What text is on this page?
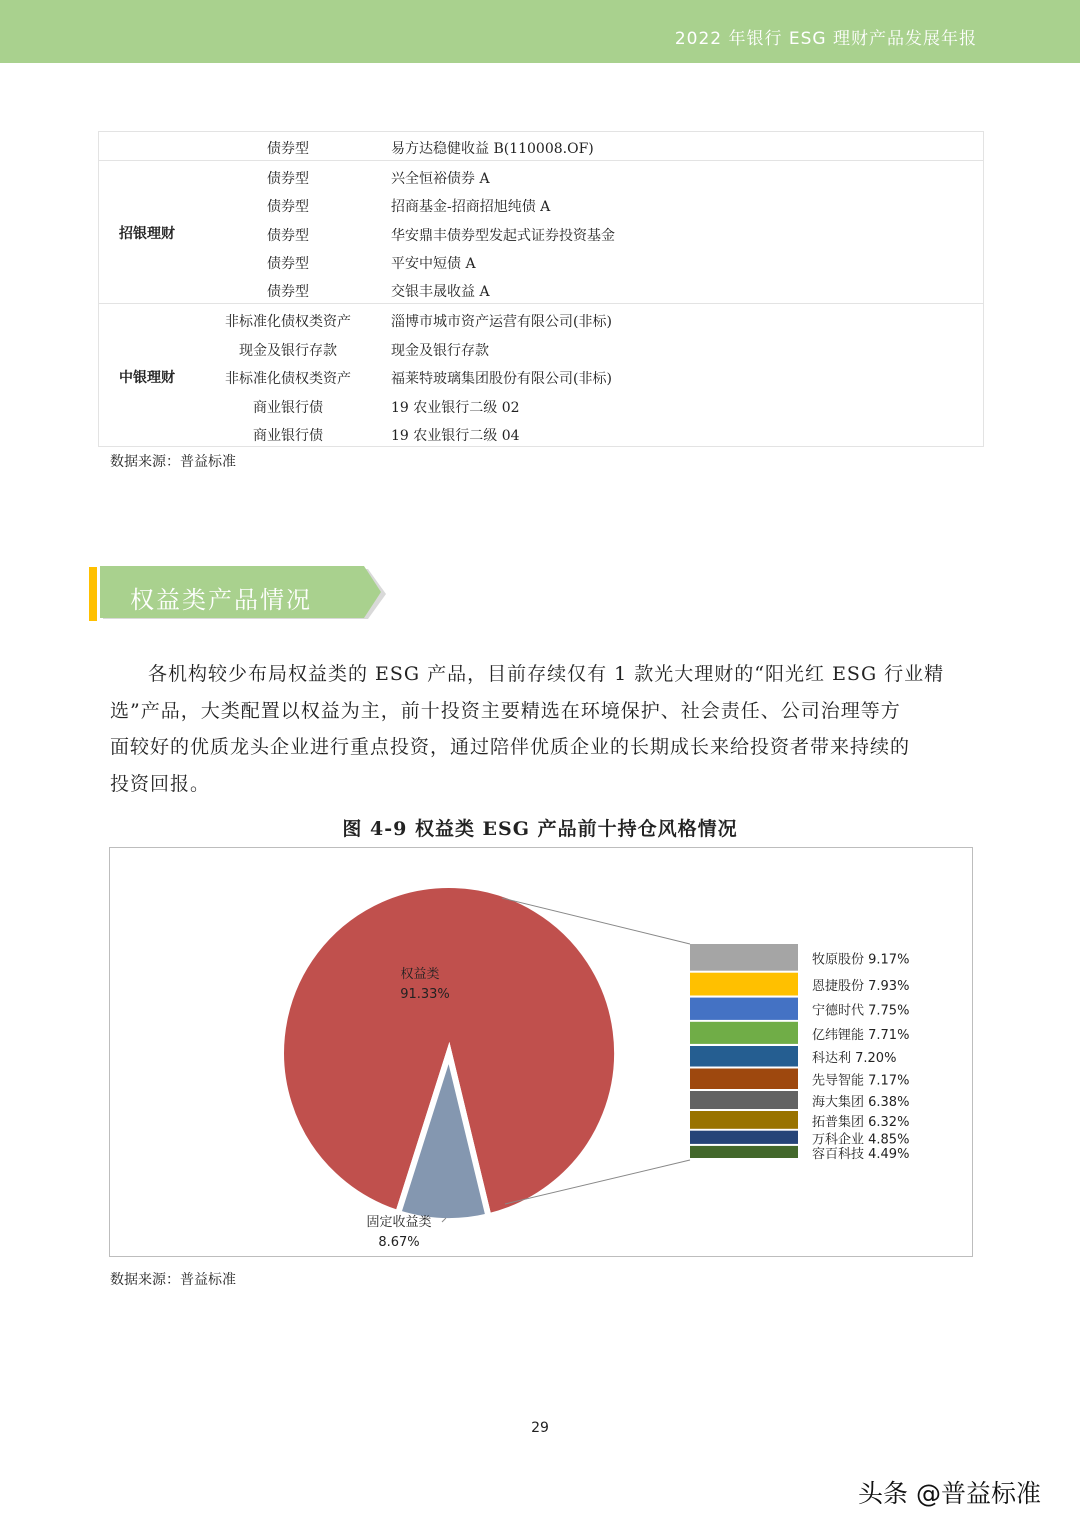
2022 年银行 ESG 理财产品发展年报
债券型	易方达稳健收益 B(110008.OF)
招银理财
债券型	兴全恒裕债券 A
债券型	招商基金-招商招旭纯债 A
债券型	华安鼎丰债券型发起式证券投资基金
债券型	平安中短债 A
债券型	交银丰晟收益 A
中银理财
非标准化债权类资产	淄博市城市资产运营有限公司(非标)
现金及银行存款	现金及银行存款
非标准化债权类资产	福莱特玻璃集团股份有限公司(非标)
商业银行债	19 农业银行二级 02
商业银行债	19 农业银行二级 04
数据来源：普益标准
权益类产品情况
各机构较少布局权益类的 ESG 产品，目前存续仅有 1 款光大理财的“阳光红 ESG 行业精
选”产品，大类配置以权益为主，前十投资主要精选在环境保护、社会责任、公司治理等方
面较好的优质龙头企业进行重点投资，通过陪伴优质企业的长期成长来给投资者带来持续的
投资回报。
图 4-9 权益类 ESG 产品前十持仓风格情况
权益类
91.33%
固定收益类
8.67%
牧原股份 9.17%
恩捷股份 7.93%
宁德时代 7.75%
亿纬锂能 7.71%
科达利 7.20%
先导智能 7.17%
海大集团 6.38%
拓普集团 6.32%
万科企业 4.85%
容百科技 4.49%
数据来源：普益标准
29
头条 @普益标准
